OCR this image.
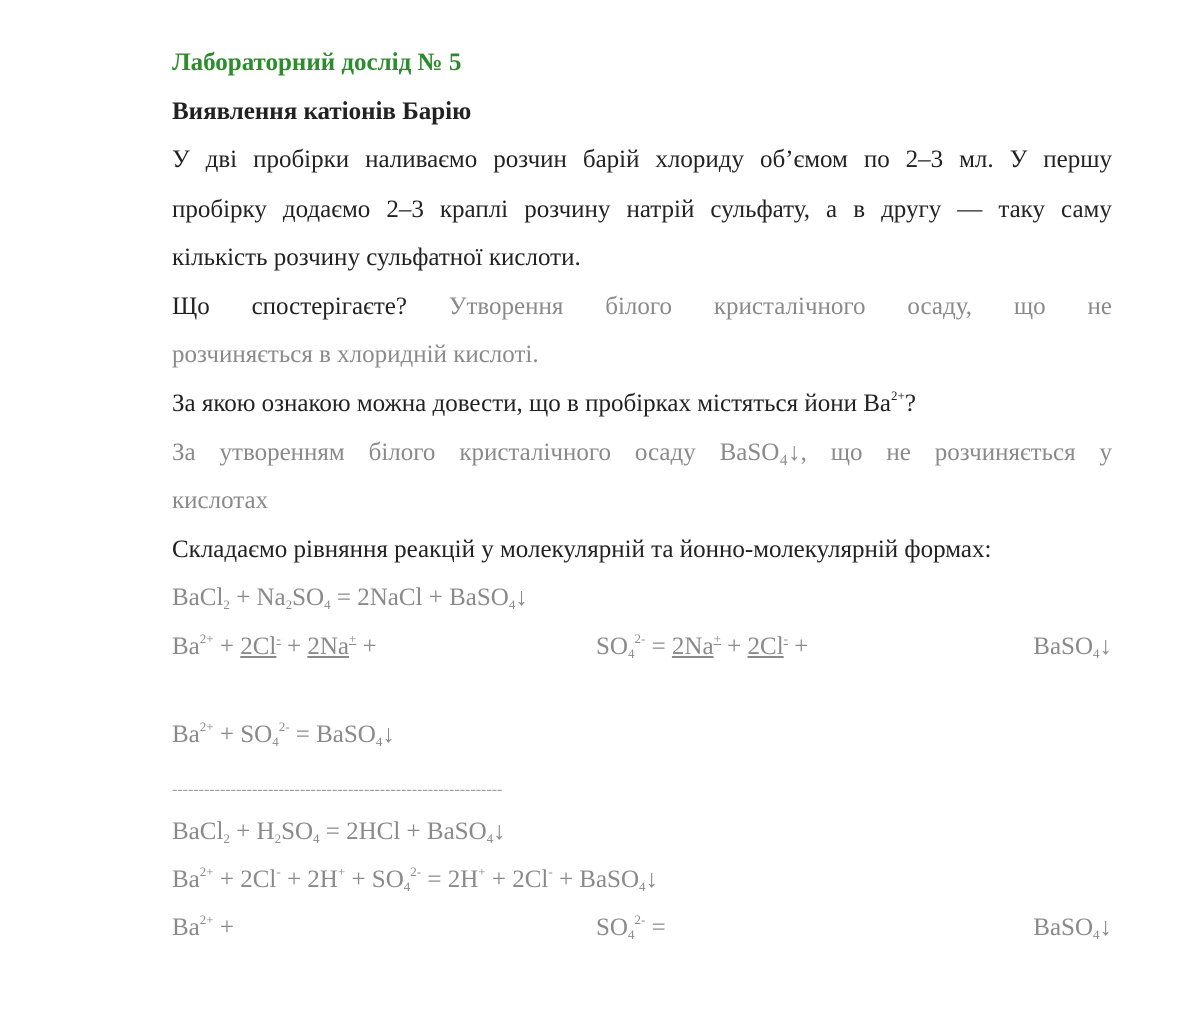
Лабораторний дослід № 5
Виявлення катіонів Барію
У дві пробірки наливаємо розчин барій хлориду об’ємом по 2–3 мл. У першу
пробірку додаємо 2–3 краплі розчину натрій сульфату, а в другу — таку саму
кількість розчину сульфатної кислоти.
Що спостерігаєте? Утворення білого кристалічного осаду, що не
розчиняється в хлоридній кислоті.
За якою ознакою можна довести, що в пробірках містяться йони $Ba^{2+}$?
За утворенням білого кристалічного осаду BaSO₄↓, що не розчиняється у
кислотах
Складаємо рівняння реакцій у молекулярній та йонно-молекулярній формах:
BaCl$_2$ + $Na_2SO_4$ = 2NaCl + BaSO$_4$↓
$Ba^{2+} + 2Cl^- + 2Na^+$ +	$SO_4^{2-} = 2Na^+ + 2Cl^-$ +	BaSO$_4$↓
$Ba^{2+} + SO_4^{2-}$ = BaSO$_4$↓
--------------------------------------------------------------
BaCl$_2$ + $H_2SO_4 = 2HCl$ + BaSO$_4$↓
$Ba^{2+} + 2Cl^- + 2H^+ + SO_4^{2-} = 2H^+ + 2Cl^-$ + BaSO$_4$↓
$Ba^{2+}$ +	$SO_4^{2-}$ =	BaSO$_4$↓
